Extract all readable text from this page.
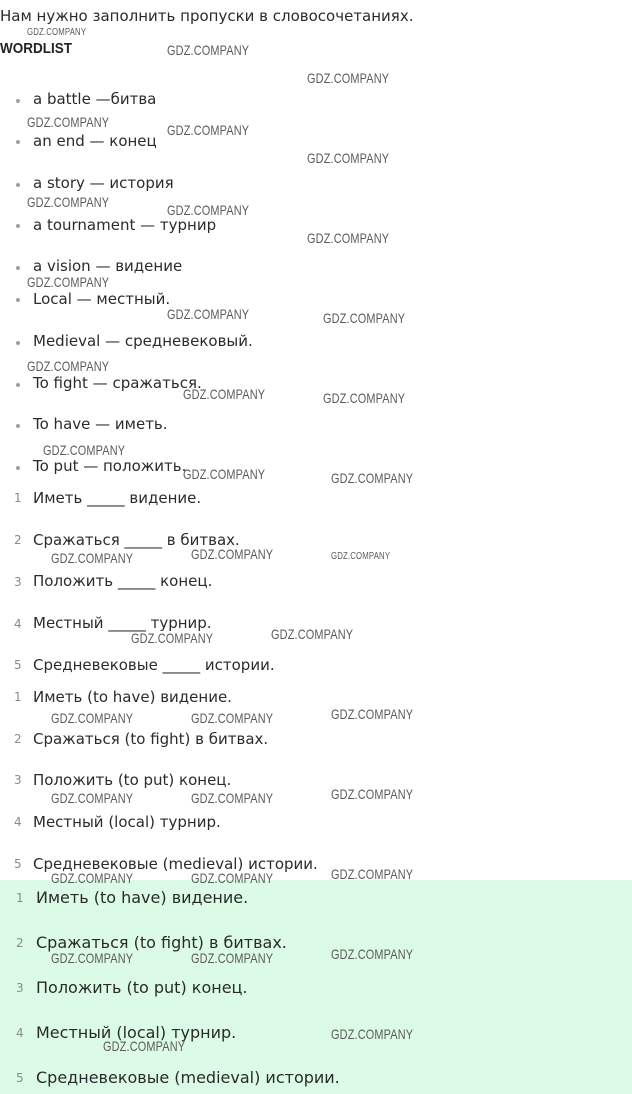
Нам нужно заполнить пропуски в словосочетаниях.
WORDLIST
a battle —битва
an end — конец
a story — история
a tournament — турнир
a vision — видение
Local — местный.
Medieval — средневековый.
To fight — сражаться.
To have — иметь.
To put — положить.
1 Иметь _____ видение.
2 Сражаться _____ в битвах.
3 Положить _____ конец.
4 Местный _____ турнир.
5 Средневековые _____ истории.
1 Иметь (to have) видение.
2 Сражаться (to fight) в битвах.
3 Положить (to put) конец.
4 Местный (local) турнир.
5 Средневековые (medieval) истории.
1 Иметь (to have) видение.
2 Сражаться (to fight) в битвах.
3 Положить (to put) конец.
4 Местный (local) турнир.
5 Средневековые (medieval) истории.
GDZ.COMPANY
GDZ.COMPANY
GDZ.COMPANY
GDZ.COMPANY	GDZ.COMPANY
GDZ.COMPANY
GDZ.COMPANY	GDZ.COMPANY
GDZ.COMPANY
GDZ.COMPANY
GDZ.COMPANY	GDZ.COMPANY
GDZ.COMPANY
GDZ.COMPANY	GDZ.COMPANY
GDZ.COMPANY
GDZ.COMPANY	GDZ.COMPANY
GDZ.COMPANY	GDZ.COMPANY	GDZ.COMPANY
GDZ.COMPANY	GDZ.COMPANY
GDZ.COMPANY	GDZ.COMPANY	GDZ.COMPANY
GDZ.COMPANY	GDZ.COMPANY	GDZ.COMPANY
GDZ.COMPANY	GDZ.COMPANY	GDZ.COMPANY
GDZ.COMPANY	GDZ.COMPANY	GDZ.COMPANY
GDZ.COMPANY
GDZ.COMPANY
